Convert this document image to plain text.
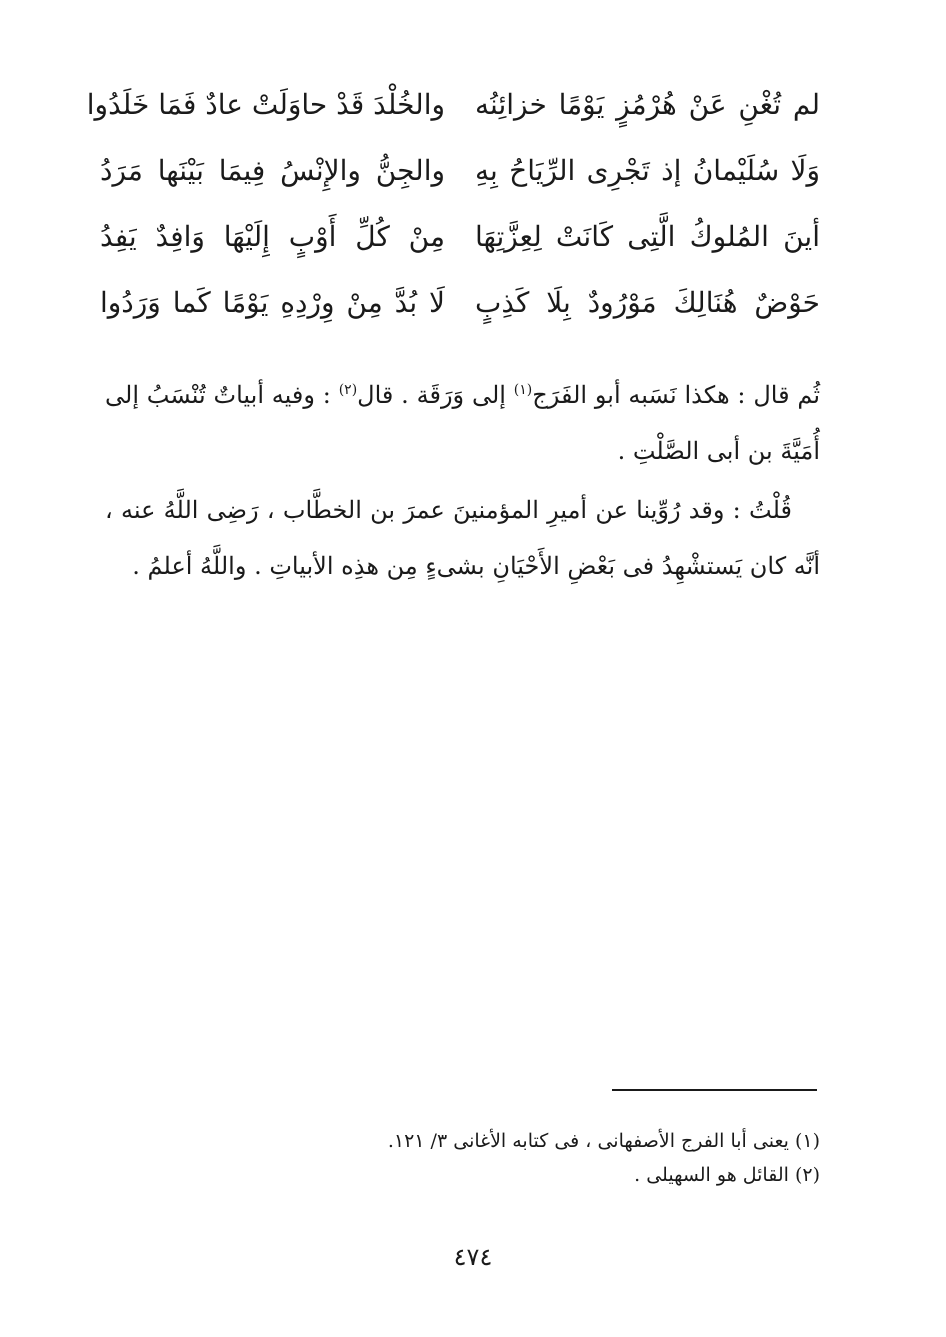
لم تُغْنِ عَنْ هُرْمُزٍ يَوْمًا خزائِنُه
والخُلْدَ قَدْ حاوَلَتْ عادٌ فَمَا خَلَدُوا
وَلَا سُلَيْمانُ إذ تَجْرِى الرِّيَاحُ بِهِ
والجِنُّ والإِنْسُ فِيمَا بَيْنَها مَرَدُ
أينَ المُلوكُ الَّتِى كَانَتْ لِعِزَّتِهَا
مِنْ كُلِّ أَوْبٍ إِلَيْهَا وَافِدٌ يَفِدُ
حَوْضٌ هُنَالِكَ مَوْرُودٌ بِلَا كَذِبٍ
لَا بُدَّ مِنْ وِرْدِهِ يَوْمًا كَما وَرَدُوا

ثُم قال : هكذا نَسَبه أبو الفَرَج$^{(١)}$ إلى وَرَقَة . قال$^{(٢)}$ : وفيه أبياتٌ تُنْسَبُ إلى أُمَيَّةَ بن أبى الصَّلْتِ .

قُلْتُ : وقد رُوِّينا عن أميرِ المؤمنينَ عمرَ بن الخطَّاب ، رَضِى اللَّهُ عنه ، أنَّه كان يَستشْهِدُ فى بَعْضِ الأَحْيَانِ بشىءٍ مِن هذِه الأبياتِ . واللَّهُ أعلمُ .

(١) يعنى أبا الفرج الأصفهانى ، فى كتابه الأغانى ٣/ ١٢١.
(٢) القائل هو السهيلى .
٤٧٤
